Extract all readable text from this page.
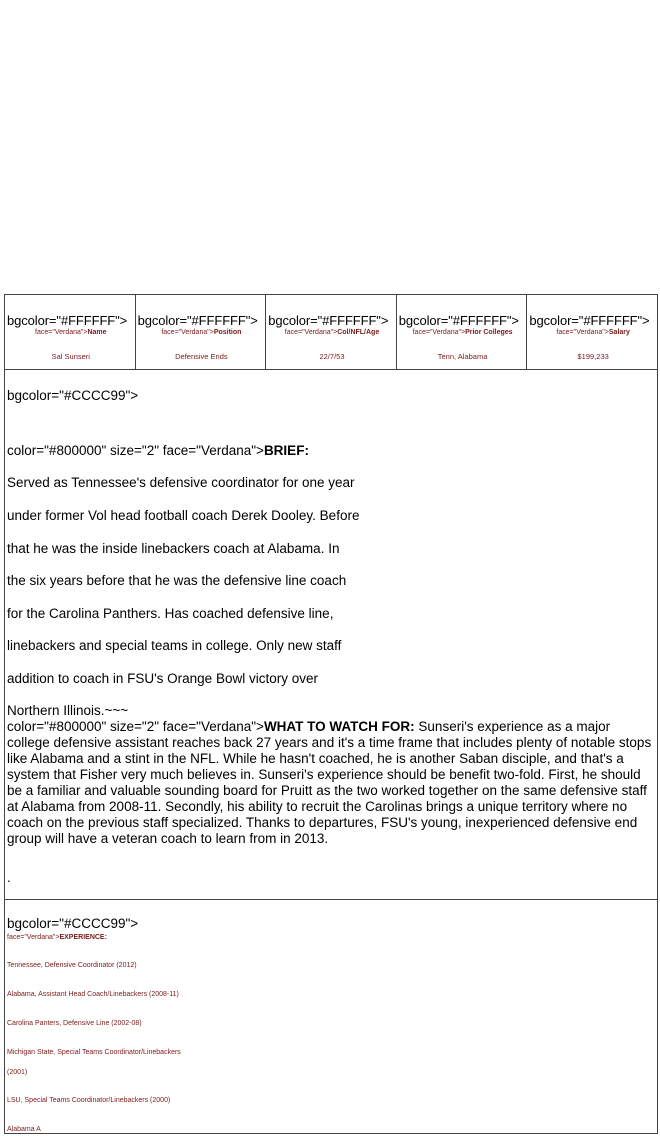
bgcolor="#FFFFFF">
face="Verdana">Name
Sal Sunseri
bgcolor="#FFFFFF">
face="Verdana">Position
Defensive Ends
bgcolor="#FFFFFF">
face="Verdana">Col/NFL/Age
22/7/53
bgcolor="#FFFFFF">
face="Verdana">Prior Colleges
Tenn, Alabama
bgcolor="#FFFFFF">
face="Verdana">Salary
$199,233
bgcolor="#CCCC99">
color="#800000" size="2" face="Verdana">BRIEF:
Served as Tennessee's defensive coordinator for one year
under former Vol head football coach Derek Dooley. Before
that he was the inside linebackers coach at Alabama. In
the six years before that he was the defensive line coach
for the Carolina Panthers. Has coached defensive line,
linebackers and special teams in college. Only new staff
addition to coach in FSU's Orange Bowl victory over
Northern Illinois.~~~
color="#800000" size="2" face="Verdana">WHAT TO WATCH FOR: Sunseri's experience as a major college defensive assistant reaches back 27 years and it's a time frame that includes plenty of notable stops like Alabama and a stint in the NFL. While he hasn't coached, he is another Saban disciple, and that's a system that Fisher very much believes in. Sunseri's experience should be benefit two-fold. First, he should be a familiar and valuable sounding board for Pruitt as the two worked together on the same defensive staff at Alabama from 2008-11. Secondly, his ability to recruit the Carolinas brings a unique territory where no coach on the previous staff specialized. Thanks to departures, FSU's young, inexperienced defensive end group will have a veteran coach to learn from in 2013.
.
bgcolor="#CCCC99">
face="Verdana">EXPERIENCE:
Tennessee, Defensive Coordinator (2012)
Alabama, Assistant Head Coach/Linebackers (2008-11)
Carolina Panters, Defensive Line (2002-08)
Michigan State, Special Teams Coordinator/Linebackers
(2001)
LSU, Special Teams Coordinator/Linebackers (2000)
Alabama A
